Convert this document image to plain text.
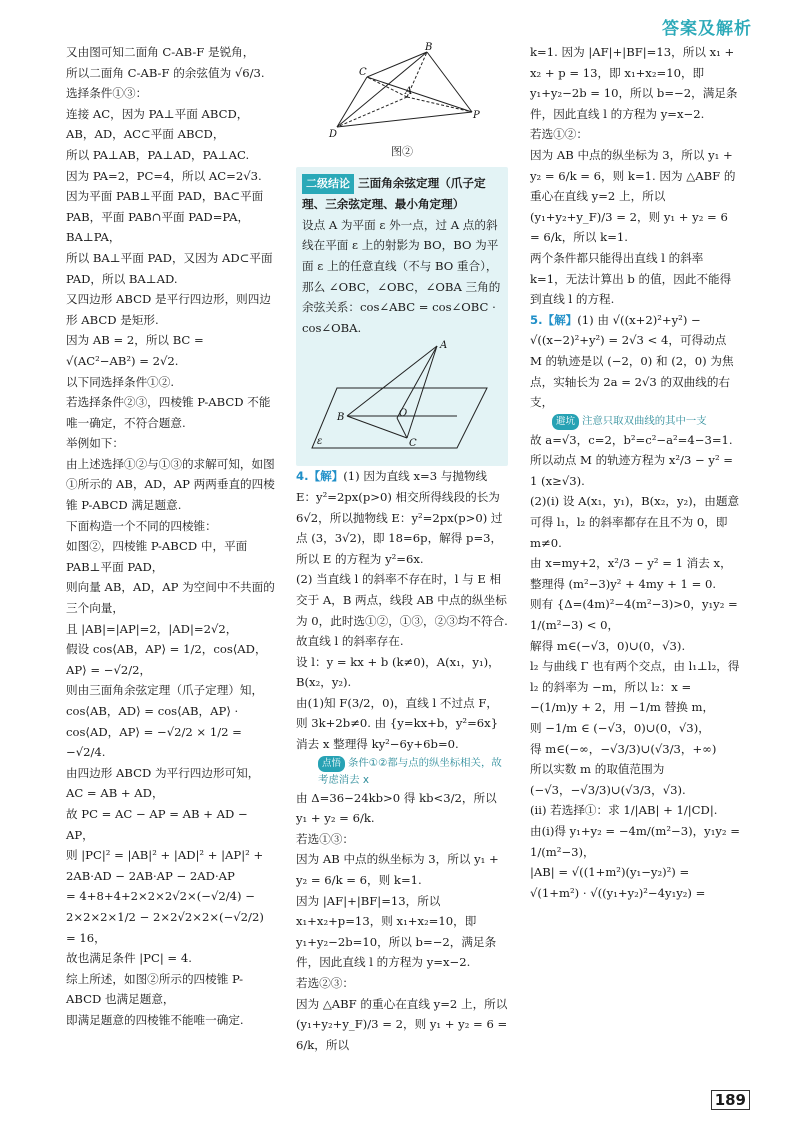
答案及解析

又由图可知二面角 C-AB-F 是锐角，

所以二面角 C-AB-F 的余弦值为 √6/3.

选择条件①③：

连接 AC，因为 PA⊥平面 ABCD，AB，AD，AC⊂平面 ABCD，

所以 PA⊥AB，PA⊥AD，PA⊥AC.

因为 PA=2，PC=4，所以 AC=2√3.

因为平面 PAB⊥平面 PAD，BA⊂平面 PAB，平面 PAB∩平面 PAD=PA，BA⊥PA，

所以 BA⊥平面 PAD，又因为 AD⊂平面 PAD，所以 BA⊥AD.

又四边形 ABCD 是平行四边形，则四边形 ABCD 是矩形.

因为 AB = 2，所以 BC = √(AC²−AB²) = 2√2.

以下同选择条件①②.

若选择条件②③，四棱锥 P-ABCD 不能唯一确定，不符合题意.

举例如下：

由上述选择①②与①③的求解可知，如图①所示的 AB，AD，AP 两两垂直的四棱锥 P-ABCD 满足题意.

下面构造一个不同的四棱锥：

如图②，四棱锥 P-ABCD 中，平面 PAB⊥平面 PAD，

则向量 AB，AD，AP 为空间中不共面的三个向量，

且 |AB|=|AP|=2，|AD|=2√2，

假设 cos⟨AB，AP⟩ = 1/2，cos⟨AD，AP⟩ = −√2/2，

则由三面角余弦定理（爪子定理）知，cos⟨AB，AD⟩ = cos⟨AB，AP⟩ · cos⟨AD，AP⟩ = −√2/2 × 1/2 = −√2/4.

由四边形 ABCD 为平行四边形可知，AC = AB + AD，

故 PC = AC − AP = AB + AD − AP，

则 |PC|² = |AB|² + |AD|² + |AP|² + 2AB·AD − 2AB·AP − 2AD·AP

= 4+8+4+2×2×2√2×(−√2/4) − 2×2×2×1/2 − 2×2√2×2×(−√2/2) = 16，

故也满足条件 |PC| = 4.

综上所述，如图②所示的四棱锥 P-ABCD 也满足题意，

即满足题意的四棱锥不能唯一确定.

B
C
A
D
P

图②

二级结论 三面角余弦定理（爪子定理、三余弦定理、最小角定理）

设点 A 为平面 ε 外一点，过 A 点的斜线在平面 ε 上的射影为 BO，BO 为平面 ε 上的任意直线（不与 BO 重合），那么 ∠OBC，∠OBC，∠OBA 三角的余弦关系：cos∠ABC = cos∠OBC · cos∠OBA.

A
B	O
C
ε

4.【解】(1) 因为直线 x=3 与抛物线 E：y²=2px(p>0) 相交所得线段的长为 6√2，所以抛物线 E：y²=2px(p>0) 过点 (3，3√2)，即 18=6p，解得 p=3，

所以 E 的方程为 y²=6x.

(2) 当直线 l 的斜率不存在时，l 与 E 相交于 A，B 两点，线段 AB 中点的纵坐标为 0，此时选①②，①③，②③均不符合. 故直线 l 的斜率存在.

设 l：y = kx + b (k≠0)，A(x₁，y₁)，B(x₂，y₂).

由(1)知 F(3/2，0)，直线 l 不过点 F，则 3k+2b≠0. 由 {y=kx+b，y²=6x} 消去 x 整理得 ky²−6y+6b=0.

点悟 条件①②都与点的纵坐标相关，故考虑消去 x

由 Δ=36−24kb>0 得 kb<3/2，所以 y₁ + y₂ = 6/k.

若选①③：

因为 AB 中点的纵坐标为 3，所以 y₁ + y₂ = 6/k = 6，则 k=1.

因为 |AF|+|BF|=13，所以 x₁+x₂+p=13，则 x₁+x₂=10，即 y₁+y₂−2b=10，所以 b=−2，满足条件，因此直线 l 的方程为 y=x−2.

若选②③：

因为 △ABF 的重心在直线 y=2 上，所以 (y₁+y₂+y_F)/3 = 2，则 y₁ + y₂ = 6 = 6/k，所以

k=1. 因为 |AF|+|BF|=13，所以 x₁ + x₂ + p = 13，即 x₁+x₂=10，即 y₁+y₂−2b = 10，所以 b=−2，满足条件，因此直线 l 的方程为 y=x−2.

若选①②：

因为 AB 中点的纵坐标为 3，所以 y₁ + y₂ = 6/k = 6，则 k=1. 因为 △ABF 的重心在直线 y=2 上，所以 (y₁+y₂+y_F)/3 = 2，则 y₁ + y₂ = 6 = 6/k，所以 k=1.

两个条件都只能得出直线 l 的斜率 k=1，无法计算出 b 的值，因此不能得到直线 l 的方程.

5.【解】(1) 由 √((x+2)²+y²) − √((x−2)²+y²) = 2√3 < 4，可得动点 M 的轨迹是以 (−2，0) 和 (2，0) 为焦点，实轴长为 2a = 2√3 的双曲线的右支，

避坑 注意只取双曲线的其中一支

故 a=√3，c=2，b²=c²−a²=4−3=1.

所以动点 M 的轨迹方程为 x²/3 − y² = 1 (x≥√3).

(2)(i) 设 A(x₁，y₁)，B(x₂，y₂)，由题意可得 l₁，l₂ 的斜率都存在且不为 0，即 m≠0.

由 x=my+2，x²/3 − y² = 1 消去 x，整理得 (m²−3)y² + 4my + 1 = 0.

则有 {Δ=(4m)²−4(m²−3)>0，y₁y₂ = 1/(m²−3) < 0，

解得 m∈(−√3，0)∪(0，√3).

l₂ 与曲线 Γ 也有两个交点，由 l₁⊥l₂，得 l₂ 的斜率为 −m，所以 l₂：x = −(1/m)y + 2，用 −1/m 替换 m，

则 −1/m ∈ (−√3，0)∪(0，√3)，

得 m∈(−∞，−√3/3)∪(√3/3，+∞)

所以实数 m 的取值范围为 (−√3，−√3/3)∪(√3/3，√3).

(ii) 若选择①：求 1/|AB| + 1/|CD|.

由(i)得 y₁+y₂ = −4m/(m²−3)，y₁y₂ = 1/(m²−3)，

|AB| = √((1+m²)(y₁−y₂)²) = √(1+m²) · √((y₁+y₂)²−4y₁y₂) =

189
